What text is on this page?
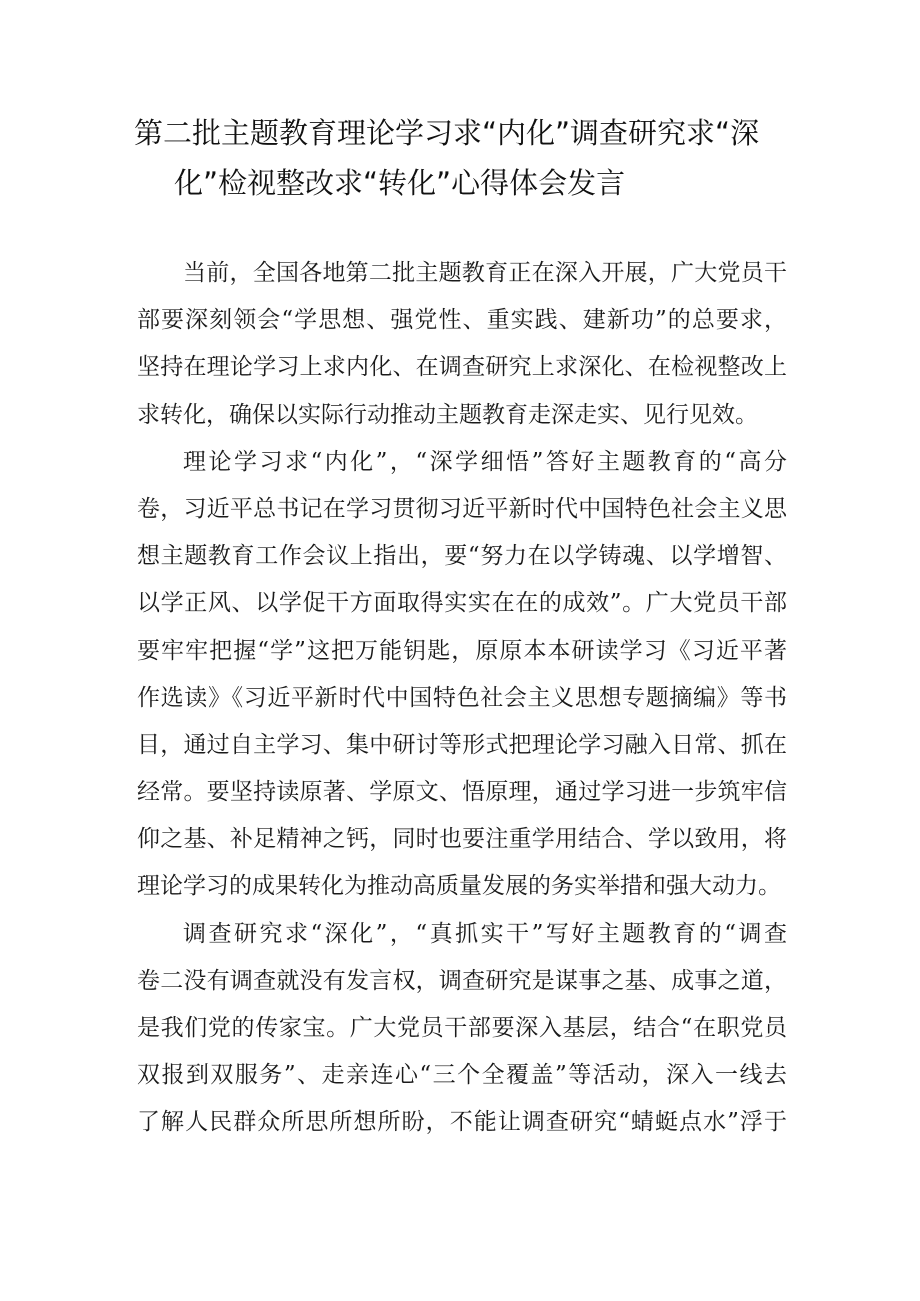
第二批主题教育理论学习求“内化”调查研究求“深
化”检视整改求“转化”心得体会发言

当前，全国各地第二批主题教育正在深入开展，广大党员干
部要深刻领会“学思想、强党性、重实践、建新功”的总要求，
坚持在理论学习上求内化、在调查研究上求深化、在检视整改上
求转化，确保以实际行动推动主题教育走深走实、见行见效。

理论学习求“内化”，“深学细悟”答好主题教育的“高分
卷，习近平总书记在学习贯彻习近平新时代中国特色社会主义思
想主题教育工作会议上指出，要“努力在以学铸魂、以学增智、
以学正风、以学促干方面取得实实在在的成效”。广大党员干部
要牢牢把握“学”这把万能钥匙，原原本本研读学习《习近平著
作选读》《习近平新时代中国特色社会主义思想专题摘编》等书
目，通过自主学习、集中研讨等形式把理论学习融入日常、抓在
经常。要坚持读原著、学原文、悟原理，通过学习进一步筑牢信
仰之基、补足精神之钙，同时也要注重学用结合、学以致用，将
理论学习的成果转化为推动高质量发展的务实举措和强大动力。

调查研究求“深化”，“真抓实干”写好主题教育的“调查
卷二没有调查就没有发言权，调查研究是谋事之基、成事之道，
是我们党的传家宝。广大党员干部要深入基层，结合“在职党员
双报到双服务”、走亲连心“三个全覆盖”等活动，深入一线去
了解人民群众所思所想所盼，不能让调查研究“蜻蜓点水”浮于
